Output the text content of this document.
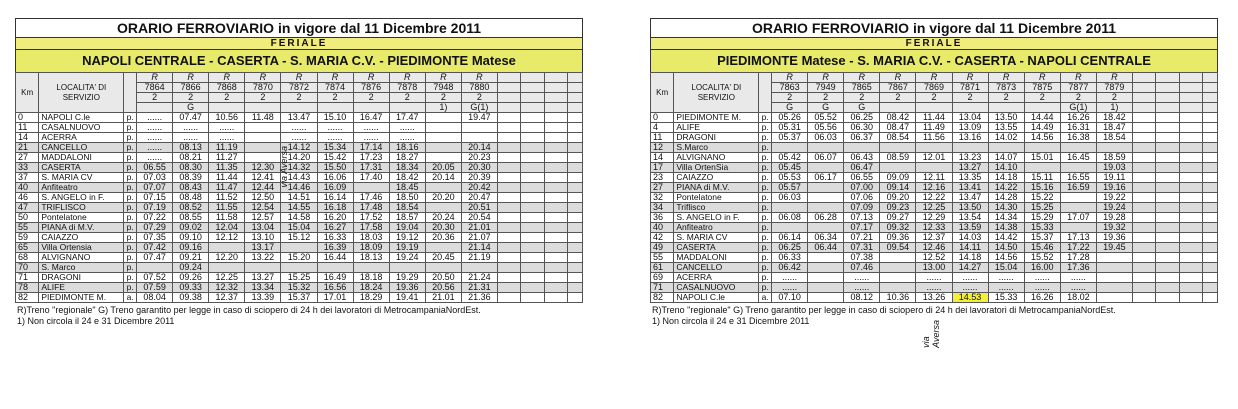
ORARIO FERROVIARIO in vigore dal 11 Dicembre 2011
FERIALE
NAPOLI CENTRALE - CASERTA - S. MARIA C.V. - PIEDIMONTE Matese
Km	LOCALITA' DI SERVIZIO		R	R	R	R	R	R	R	R	R	R				
			7864	7866	7868	7870	7872	7874	7876	7878	7948	7880				
			2	2	2	2	2	2	2	2	2	2				
				G							1)	G(1)				
0	NAPOLI C.le	p.	......	07.47	10.56	11.48	13.47	15.10	16.47	17.47		19.47				
11	CASALNUOVO	p.	......	......	......		......	......	......	......						
14	ACERRA	p.	......	......	......		......	......	......	......						
21	CANCELLO	p.	......	08.13	11.19		14.12	15.34	17.14	18.16		20.14				
27	MADDALONI	p.	......	08.21	11.27		14.20	15.42	17.23	18.27		20.23				
33	CASERTA	p.	06.55	08.30	11.35	12.30	14.32	15.50	17.31	18.34	20.05	20.30				
37	S. MARIA CV	p.	07.03	08.39	11.44	12.41	14.43	16.06	17.40	18.42	20.14	20.39				
40	Anfiteatro	p.	07.07	08.43	11.47	12.44	14.46	16.09		18.45		20.42				
46	S. ANGELO in F.	p.	07.15	08.48	11.52	12.50	14.51	16.14	17.46	18.50	20.20	20.47				
47	TRIFLISCO	p.	07.19	08.52	11.55	12.54	14.55	16.18	17.48	18.54		20.51				
50	Pontelatone	p.	07.22	08.55	11.58	12.57	14.58	16.20	17.52	18.57	20.24	20.54				
55	PIANA di M.V.	p.	07.29	09.02	12.04	13.04	15.04	16.27	17.58	19.04	20.30	21.01				
59	CAIAZZO	p.	07.35	09.10	12.12	13.10	15.12	16.33	18.03	19.12	20.36	21.07				
65	Villa Ortensia	p.	07.42	09.16		13.17		16.39	18.09	19.19		21.14				
68	ALVIGNANO	p.	07.47	09.21	12.20	13.22	15.20	16.44	18.13	19.24	20.45	21.19				
70	S. Marco	p.		09.24												
71	DRAGONI	p.	07.52	09.26	12.25	13.27	15.25	16.49	18.18	19.29	20.50	21.24				
78	ALIFE	p.	07.59	09.33	12.32	13.34	15.32	16.56	18.24	19.36	20.56	21.31				
82	PIEDIMONTE M.	a.	08.04	09.38	12.37	13.39	15.37	17.01	18.29	19.41	21.01	21.36				
R)Treno "regionale" G) Treno garantito per legge in caso di sciopero di 24 h dei lavoratori di MetrocampaniaNordEst.
1) Non circola il 24 e 31 Dicembre 2011
via Aversa
ORARIO FERROVIARIO in vigore dal 11 Dicembre 2011
FERIALE
PIEDIMONTE Matese - S. MARIA C.V. - CASERTA - NAPOLI CENTRALE
Km	LOCALITA' DI SERVIZIO		R	R	R	R	R	R	R	R	R	R				
			7863	7949	7865	7867	7869	7871	7873	7875	7877	7879				
			2	2	2	2	2	2	2	2	2	2				
			G	G	G						G(1)	1)				
0	PIEDIMONTE M.	p.	05.26	05.52	06.25	08.42	11.44	13.04	13.50	14.44	16.26	18.42				
4	ALIFE	p.	05.31	05.56	06.30	08.47	11.49	13.09	13.55	14.49	16.31	18.47				
11	DRAGONI	p.	05.37	06.03	06.37	08.54	11.56	13.16	14.02	14.56	16.38	18.54				
12	S.Marco	p.														
14	ALVIGNANO	p.	05.42	06.07	06.43	08.59	12.01	13.23	14.07	15.01	16.45	18.59				
17	Villa OrtenSia	p.	05.45		06.47			13.27	14.10			19.03				
23	CAIAZZO	p.	05.53	06.17	06.55	09.09	12.11	13.35	14.18	15.11	16.55	19.11				
27	PIANA di M.V.	p.	05.57		07.00	09.14	12.16	13.41	14.22	15.16	16.59	19.16				
32	Pontelatone	p.	06.03		07.06	09.20	12.22	13.47	14.28	15.22		19.22				
34	Triflisco	p.			07.09	09.23	12.25	13.50	14.30	15.25		19.24				
36	S. ANGELO in F.	p.	06.08	06.28	07.13	09.27	12.29	13.54	14.34	15.29	17.07	19.28				
40	Anfiteatro	p.			07.17	09.32	12.33	13.59	14.38	15.33		19.32				
42	S. MARIA CV	p.	06.14	06.34	07.21	09.36	12.37	14.03	14.42	15.37	17.13	19.36				
49	CASERTA	p.	06.25	06.44	07.31	09.54	12.46	14.11	14.50	15.46	17.22	19.45				
55	MADDALONI	p.	06.33		07.38		12.52	14.18	14.56	15.52	17.28					
61	CANCELLO	p.	06.42		07.46		13.00	14.27	15.04	16.00	17.36					
69	ACERRA	p.	......		......		......	......	......	......	......					
71	CASALNUOVO	p.	......		......		......	......	......	......	......					
82	NAPOLI C.le	a.	07.10		08.12	10.36	13.26	14.53	15.33	16.26	18.02					
R)Treno "regionale" G) Treno garantito per legge in caso di sciopero di 24 h dei lavoratori di MetrocampaniaNordEst.
1) Non circola il 24 e 31 Dicembre 2011
via Aversa
